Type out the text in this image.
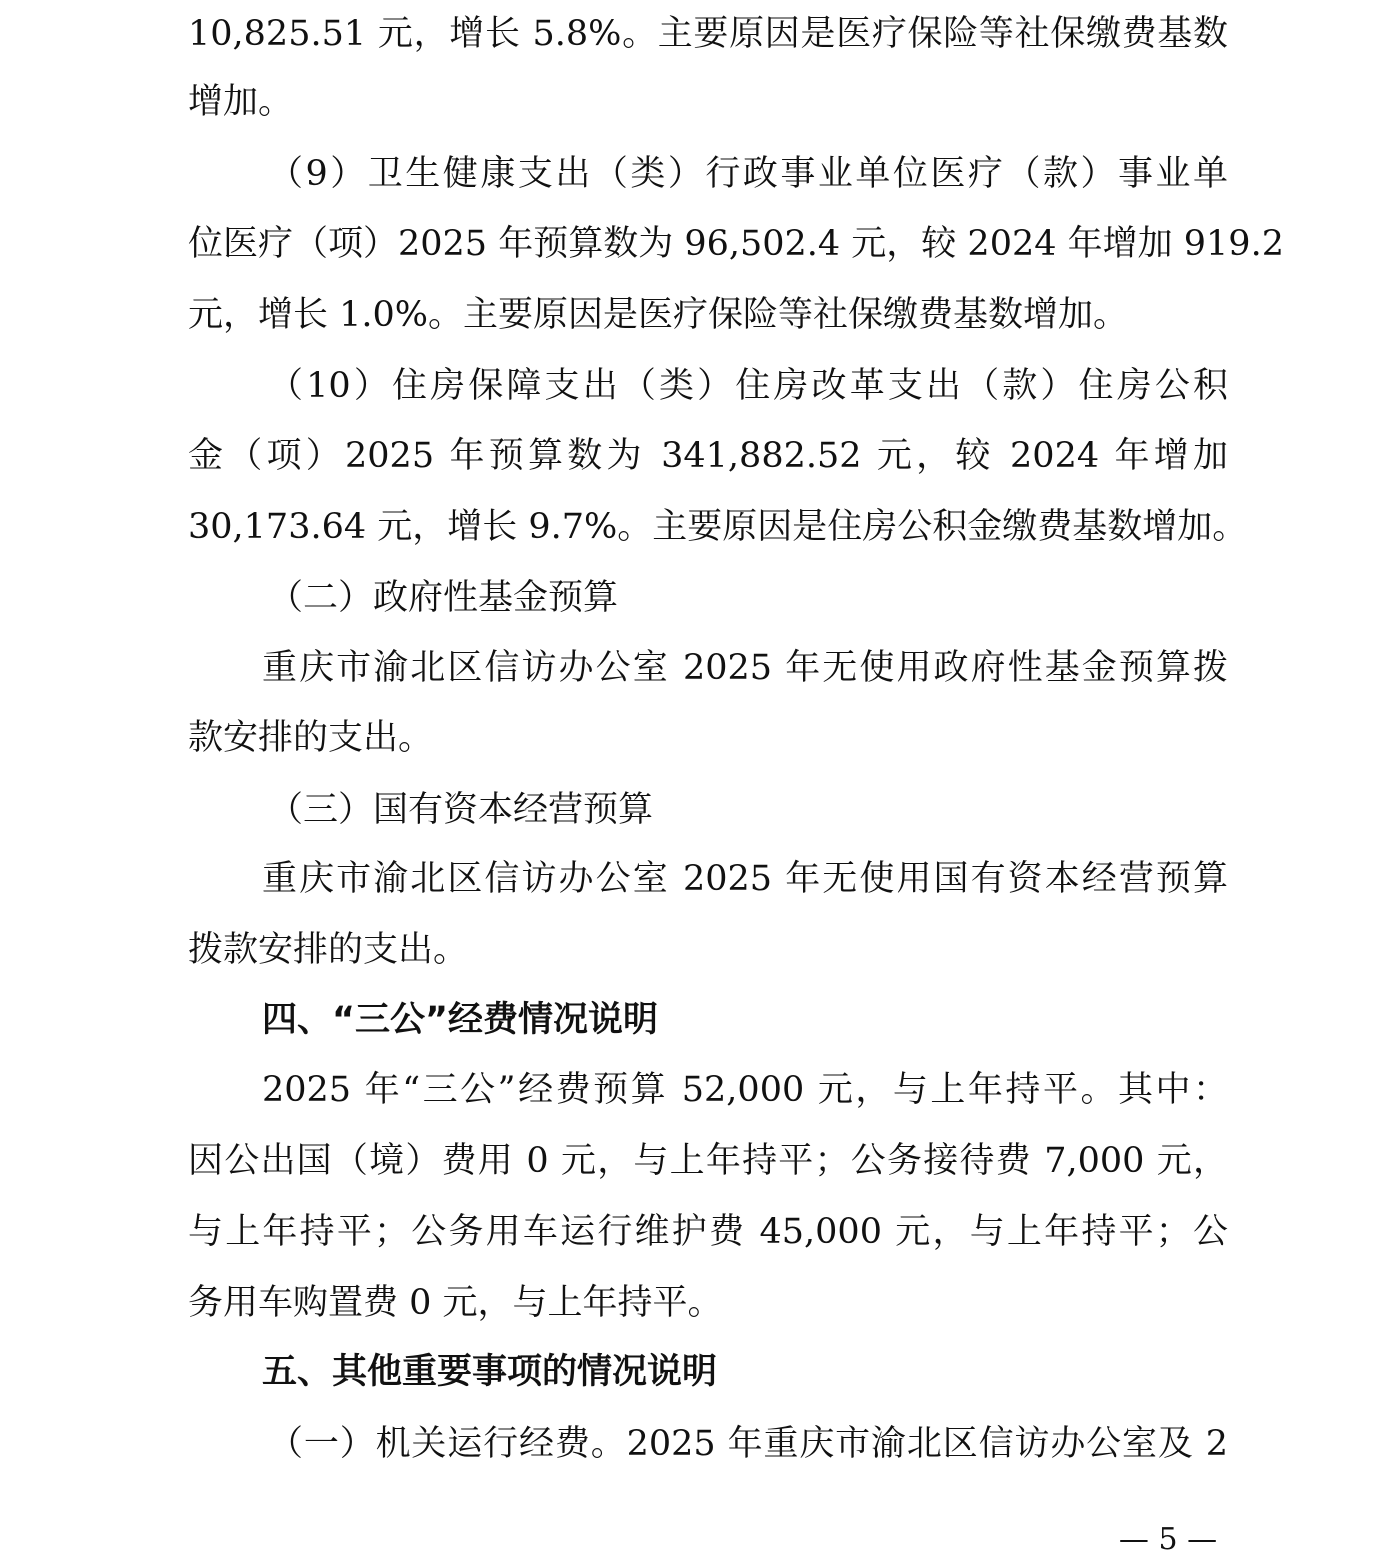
10,825.51 元，增长 5.8%。主要原因是医疗保险等社保缴费基数
增加。
（9）卫生健康支出（类）行政事业单位医疗（款）事业单
位医疗（项）2025 年预算数为 96,502.4 元，较 2024 年增加 919.2
元，增长 1.0%。主要原因是医疗保险等社保缴费基数增加。
（10）住房保障支出（类）住房改革支出（款）住房公积
金（项）2025 年预算数为 341,882.52 元，较 2024 年增加
30,173.64 元，增长 9.7%。主要原因是住房公积金缴费基数增加。
（二）政府性基金预算
重庆市渝北区信访办公室 2025 年无使用政府性基金预算拨
款安排的支出。
（三）国有资本经营预算
重庆市渝北区信访办公室 2025 年无使用国有资本经营预算
拨款安排的支出。
四、“三公”经费情况说明
2025 年“三公”经费预算 52,000 元，与上年持平。其中：
因公出国（境）费用 0 元，与上年持平；公务接待费 7,000 元，
与上年持平；公务用车运行维护费 45,000 元，与上年持平；公
务用车购置费 0 元，与上年持平。
五、其他重要事项的情况说明
（一）机关运行经费。2025 年重庆市渝北区信访办公室及 2
— 5 —
